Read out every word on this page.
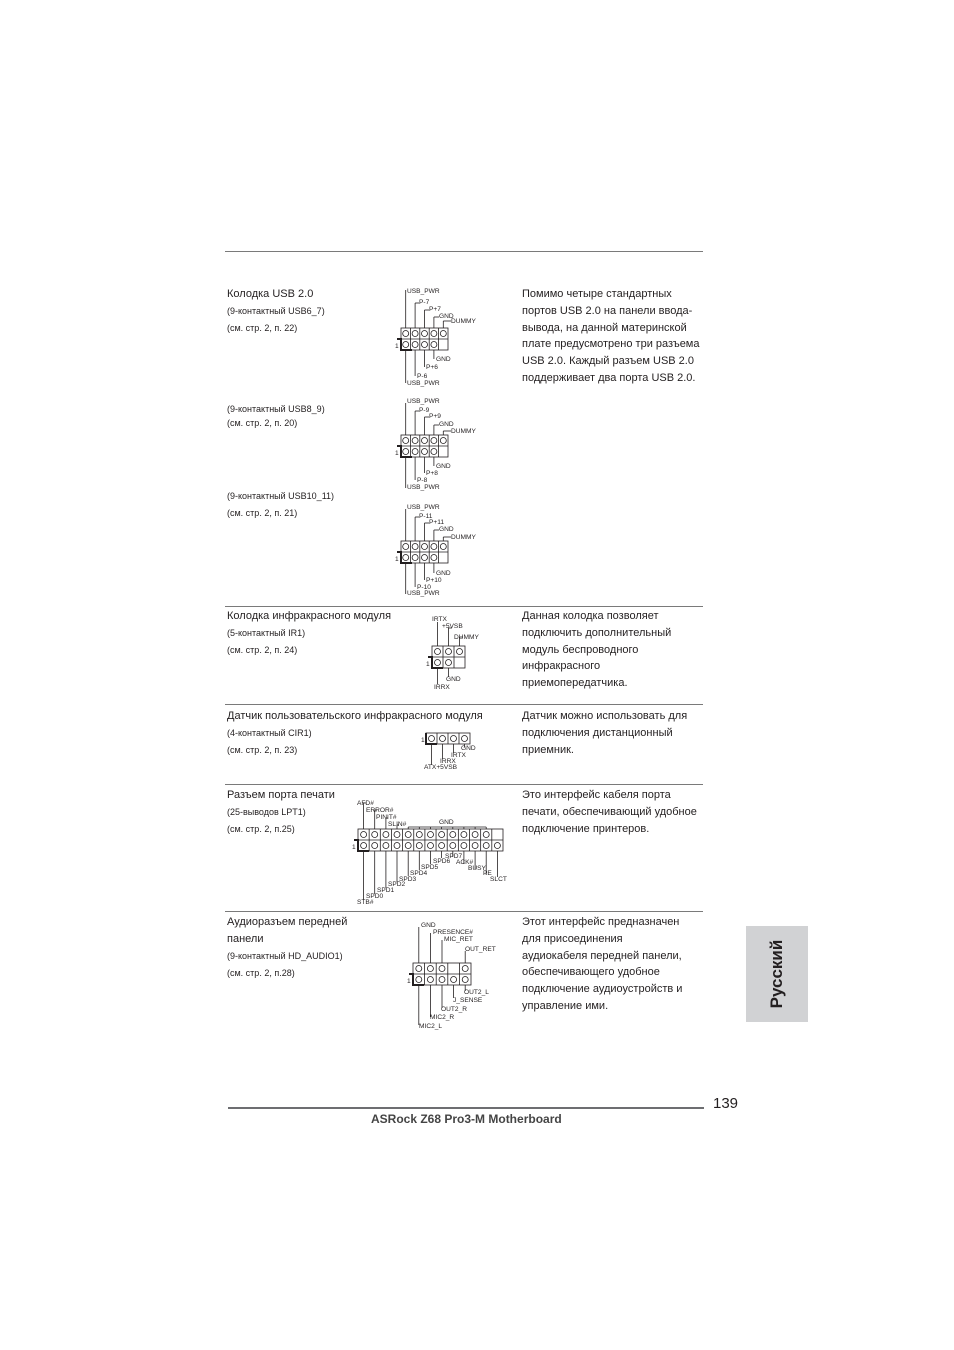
Колодка USB 2.0
(9-контактный USB6_7)
(см. стр. 2, п. 22)
(9-контактный USB8_9)
(см. стр. 2, п. 20)
(9-контактный USB10_11)
(см. стр. 2, п. 21)
Помимо четыре стандартных
портов USB 2.0 на панели ввода-
вывода, на данной материнской
плате предусмотрено три разъема
USB 2.0. Каждый разъем USB 2.0
поддерживает два порта USB 2.0.
1
USB_PWR
P-7
P+7
GND
DUMMY
GND
P+6
P-6
USB_PWR
1
USB_PWR
P-9
P+9
GND
DUMMY
GND
P+8
P-8
USB_PWR
1
USB_PWR
P-11
P+11
GND
DUMMY
GND
P+10
P-10
USB_PWR
Колодка инфракрасного модуля
(5-контактный IR1)
(см. стр. 2, п. 24)
Данная колодка позволяет
подключить дополнительный
модуль беспроводного
инфракрасного
приемопередатчика.
1
IRTX
+5VSB
DUMMY
GND
IRRX
Датчик пользовательского инфракрасного модуля
(4-контактный CIR1)
(см. стр. 2, п. 23)
Датчик можно использовать для
подключения дистанционный
приемник.
1
GND
IRTX
IRRX
ATX+5VSB
Разъем порта печати
(25-выводов LPT1)
(см. стр. 2, п.25)
Это интерфейс кабеля порта
печати, обеспечивающий удобное
подключение принтеров.
1
AFD#
ERROR#
PINIT#
SLIN#	GND
SPD7
ACK#
BUSY
PE
SLCT
SPD6
SPD5
SPD4
SPD3
SPD2
SPD1
SPD0
STB#
Аудиоразъем передней
панели
(9-контактный HD_AUDIO1)
(см. стр. 2, п.28)
Этот интерфейс предназначен
для присоединения
аудиокабеля передней панели,
обеспечивающего удобное
подключение аудиоустройств и
управление ими.
1
GND
PRESENCE#
MIC_RET
OUT_RET
OUT2_L
J_SENSE
OUT2_R
MIC2_R
MIC2_L
Русский
139
ASRock Z68 Pro3-M Motherboard
